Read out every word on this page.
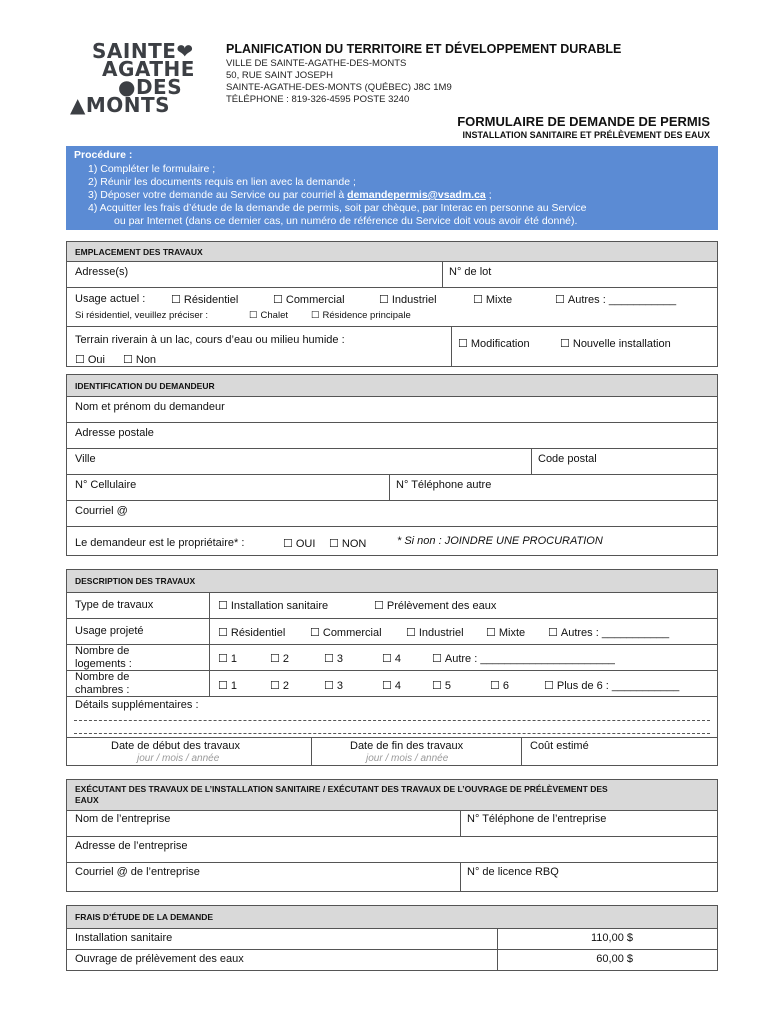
SAINTE❤
AGATHE
●DES
▲MONTS
PLANIFICATION DU TERRITOIRE ET DÉVELOPPEMENT DURABLE
VILLE DE SAINTE-AGATHE-DES-MONTS
50, RUE SAINT JOSEPH
SAINTE-AGATHE-DES-MONTS (QUÉBEC) J8C 1M9
TÉLÉPHONE : 819-326-4595 POSTE 3240
FORMULAIRE DE DEMANDE DE PERMIS
INSTALLATION SANITAIRE ET PRÉLÈVEMENT DES EAUX
Procédure :
1) Compléter le formulaire ;
2) Réunir les documents requis en lien avec la demande ;
3) Déposer votre demande au Service ou par courriel à demandepermis@vsadm.ca ;
4) Acquitter les frais d’étude de la demande de permis, soit par chèque, par Interac en personne au Service
ou par Internet (dans ce dernier cas, un numéro de référence du Service doit vous avoir été donné).
EMPLACEMENT DES TRAVAUX
Adresse(s)	N° de lot
Usage actuel :	☐ Résidentiel	☐ Commercial	☐ Industriel	☐ Mixte	☐ Autres : ___________
Si résidentiel, veuillez préciser :	☐ Chalet	☐ Résidence principale
Terrain riverain à un lac, cours d’eau ou milieu humide :
☐ Oui	☐ Non
☐ Modification	☐ Nouvelle installation
IDENTIFICATION DU DEMANDEUR
Nom et prénom du demandeur
Adresse postale
Ville	Code postal
N° Cellulaire	N° Téléphone autre
Courriel @
Le demandeur est le propriétaire* :	☐ OUI	☐ NON	* Si non : JOINDRE UNE PROCURATION
DESCRIPTION DES TRAVAUX
Type de travaux	☐ Installation sanitaire	☐ Prélèvement des eaux
Usage projeté	☐ Résidentiel	☐ Commercial	☐ Industriel	☐ Mixte	☐ Autres : ___________
Nombre de
logements :	☐ 1	☐ 2	☐ 3	☐ 4	☐ Autre : ______________________
Nombre de
chambres :	☐ 1	☐ 2	☐ 3	☐ 4	☐ 5	☐ 6	☐ Plus de 6 : ___________
Détails supplémentaires :
Date de début des travaux
jour / mois / année
Date de fin des travaux
jour / mois / année
Coût estimé
EXÉCUTANT DES TRAVAUX DE L’INSTALLATION SANITAIRE / EXÉCUTANT DES TRAVAUX DE L’OUVRAGE DE PRÉLÈVEMENT DES
EAUX
Nom de l’entreprise	N° Téléphone de l’entreprise
Adresse de l’entreprise
Courriel @ de l’entreprise	N° de licence RBQ
FRAIS D’ÉTUDE DE LA DEMANDE
Installation sanitaire	110,00 $
Ouvrage de prélèvement des eaux	60,00 $
